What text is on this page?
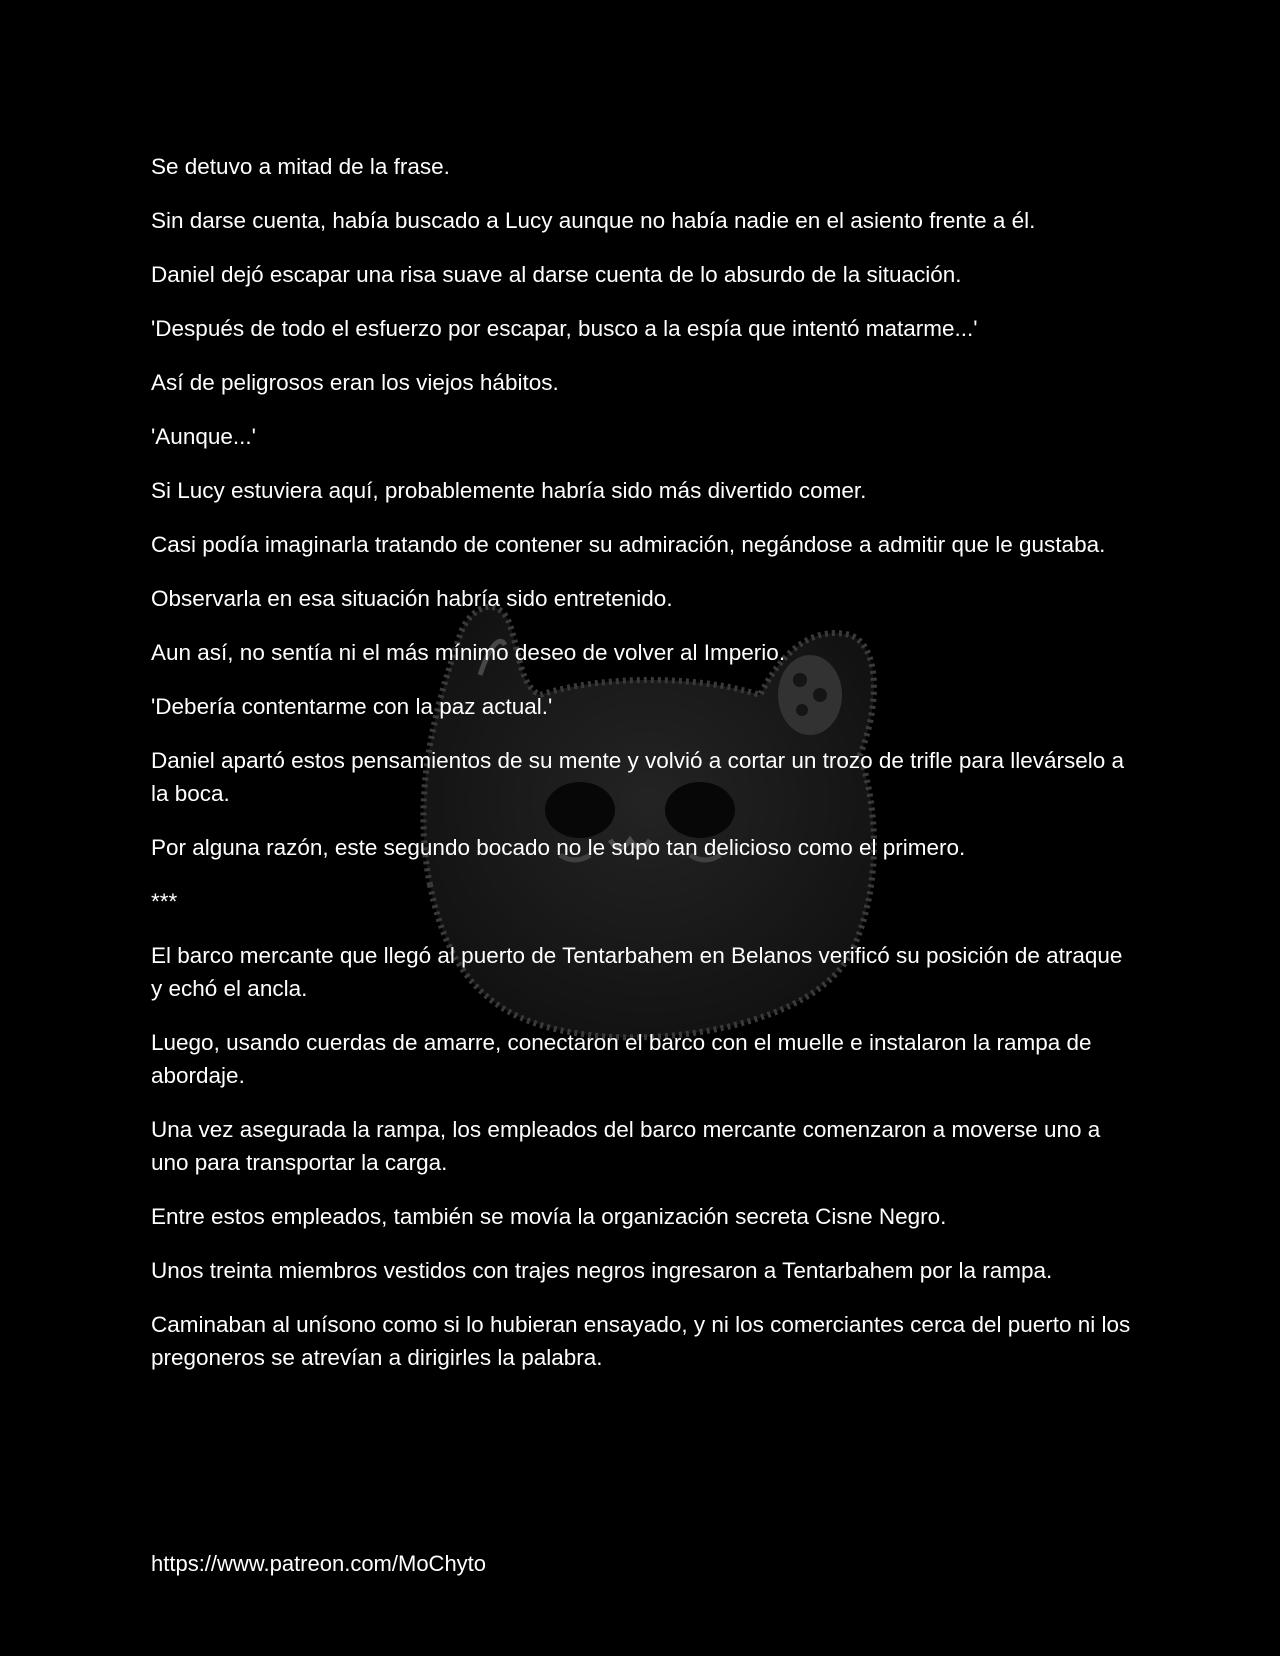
Se detuvo a mitad de la frase.

Sin darse cuenta, había buscado a Lucy aunque no había nadie en el asiento frente a él.

Daniel dejó escapar una risa suave al darse cuenta de lo absurdo de la situación.

'Después de todo el esfuerzo por escapar, busco a la espía que intentó matarme...'

Así de peligrosos eran los viejos hábitos.

'Aunque...'

Si Lucy estuviera aquí, probablemente habría sido más divertido comer.

Casi podía imaginarla tratando de contener su admiración, negándose a admitir que le gustaba.

Observarla en esa situación habría sido entretenido.

Aun así, no sentía ni el más mínimo deseo de volver al Imperio.

'Debería contentarme con la paz actual.'

Daniel apartó estos pensamientos de su mente y volvió a cortar un trozo de trifle para llevárselo a la boca.

Por alguna razón, este segundo bocado no le supo tan delicioso como el primero.

***

El barco mercante que llegó al puerto de Tentarbahem en Belanos verificó su posición de atraque y echó el ancla.

Luego, usando cuerdas de amarre, conectaron el barco con el muelle e instalaron la rampa de abordaje.

Una vez asegurada la rampa, los empleados del barco mercante comenzaron a moverse uno a uno para transportar la carga.

Entre estos empleados, también se movía la organización secreta Cisne Negro.

Unos treinta miembros vestidos con trajes negros ingresaron a Tentarbahem por la rampa.

Caminaban al unísono como si lo hubieran ensayado, y ni los comerciantes cerca del puerto ni los pregoneros se atrevían a dirigirles la palabra.

https://www.patreon.com/MoChyto
